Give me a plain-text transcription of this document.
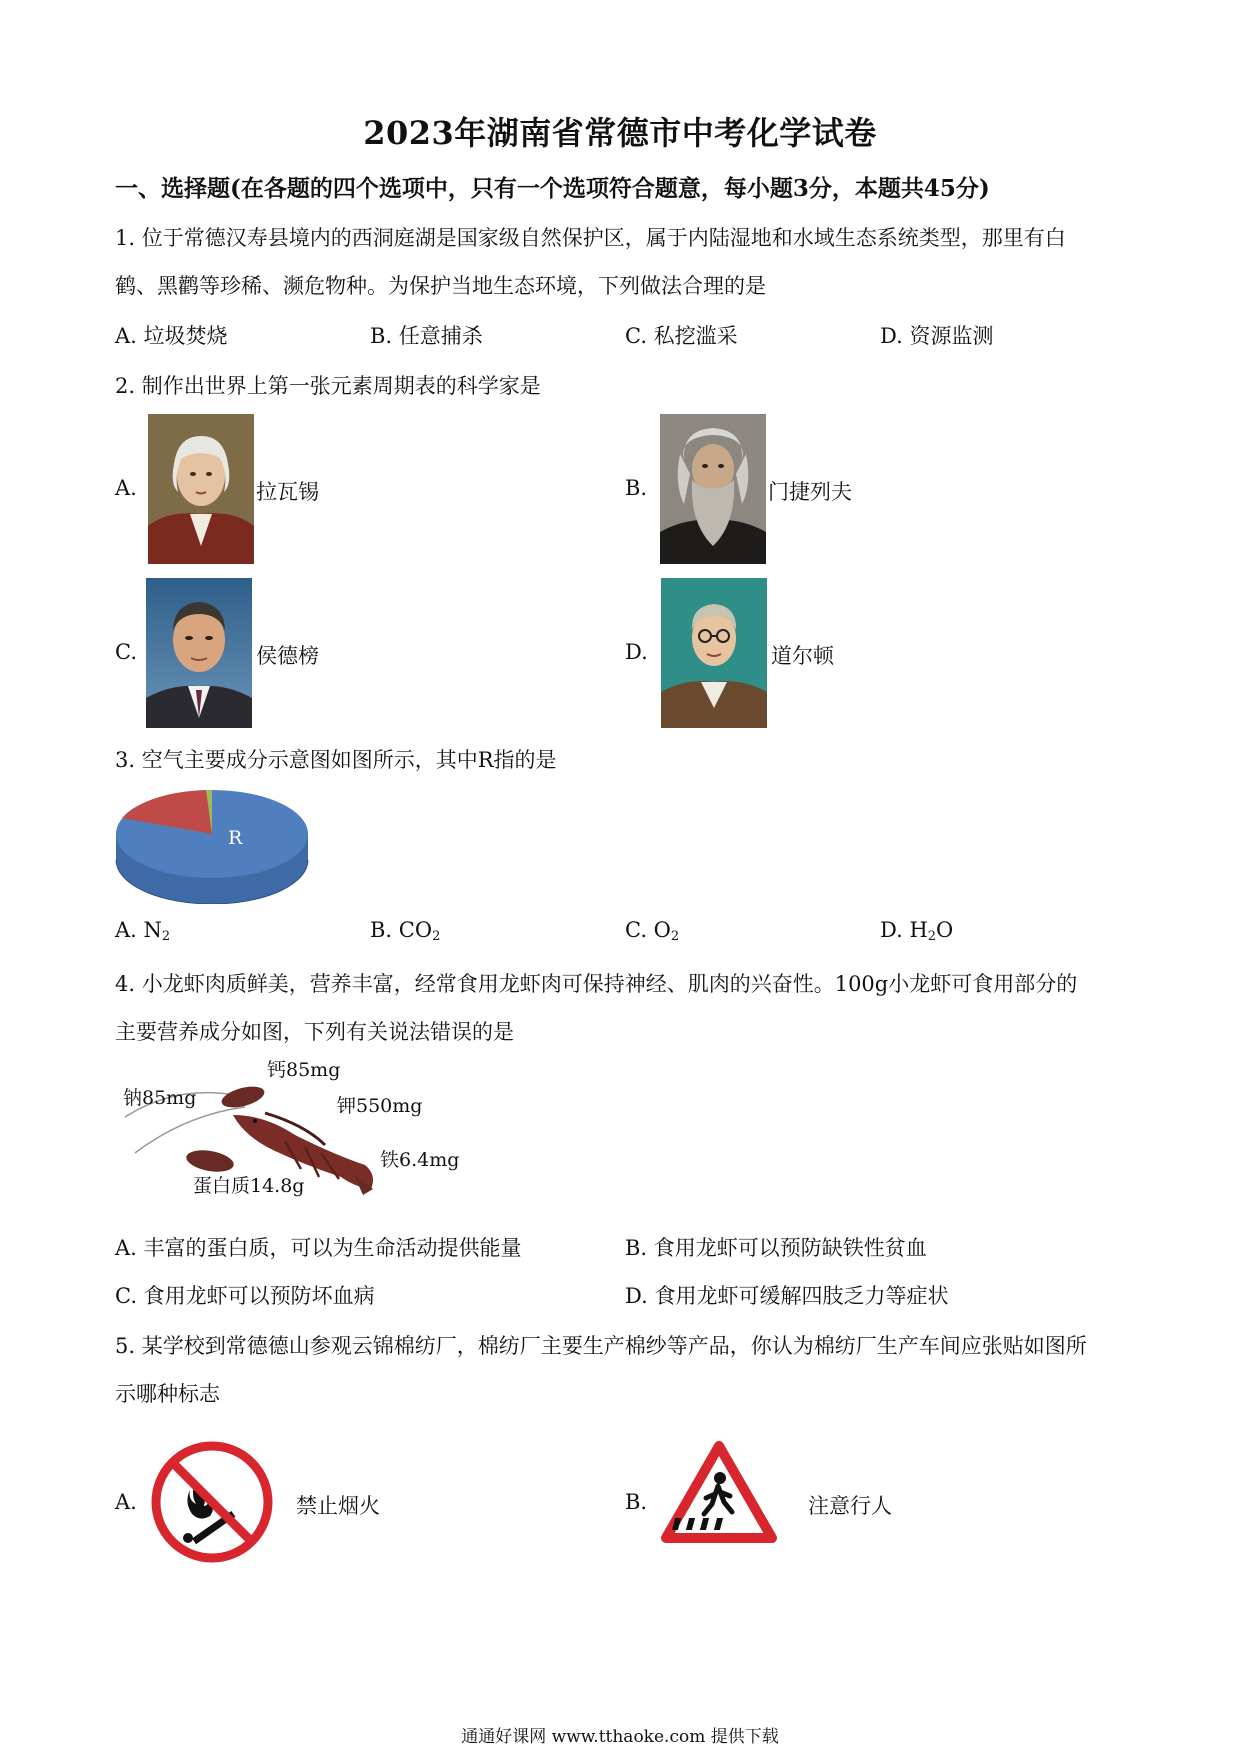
2023年湖南省常德市中考化学试卷
一、选择题(在各题的四个选项中，只有一个选项符合题意，每小题3分，本题共45分)
1. 位于常德汉寿县境内的西洞庭湖是国家级自然保护区，属于内陆湿地和水域生态系统类型，那里有白
鹤、黑鹳等珍稀、濒危物种。为保护当地生态环境，下列做法合理的是
A. 垃圾焚烧	B. 任意捕杀	C. 私挖滥采	D. 资源监测
2. 制作出世界上第一张元素周期表的科学家是
A.	拉瓦锡	B.	门捷列夫
C.	侯德榜	D.	道尔顿
3. 空气主要成分示意图如图所示，其中R指的是
R
A. $N_2$	B. $CO_2$	C. $O_2$	D. $H_2O$
4. 小龙虾肉质鲜美，营养丰富，经常食用龙虾肉可保持神经、肌肉的兴奋性。100g小龙虾可食用部分的
主要营养成分如图，下列有关说法错误的是
钙85mg
钠85mg	钾550mg
铁6.4mg
蛋白质14.8g
A. 丰富的蛋白质，可以为生命活动提供能量	B. 食用龙虾可以预防缺铁性贫血
C. 食用龙虾可以预防坏血病	D. 食用龙虾可缓解四肢乏力等症状
5. 某学校到常德德山参观云锦棉纺厂，棉纺厂主要生产棉纱等产品，你认为棉纺厂生产车间应张贴如图所
示哪种标志
A.	禁止烟火	B.	注意行人
通通好课网 www.tthaoke.com 提供下载
